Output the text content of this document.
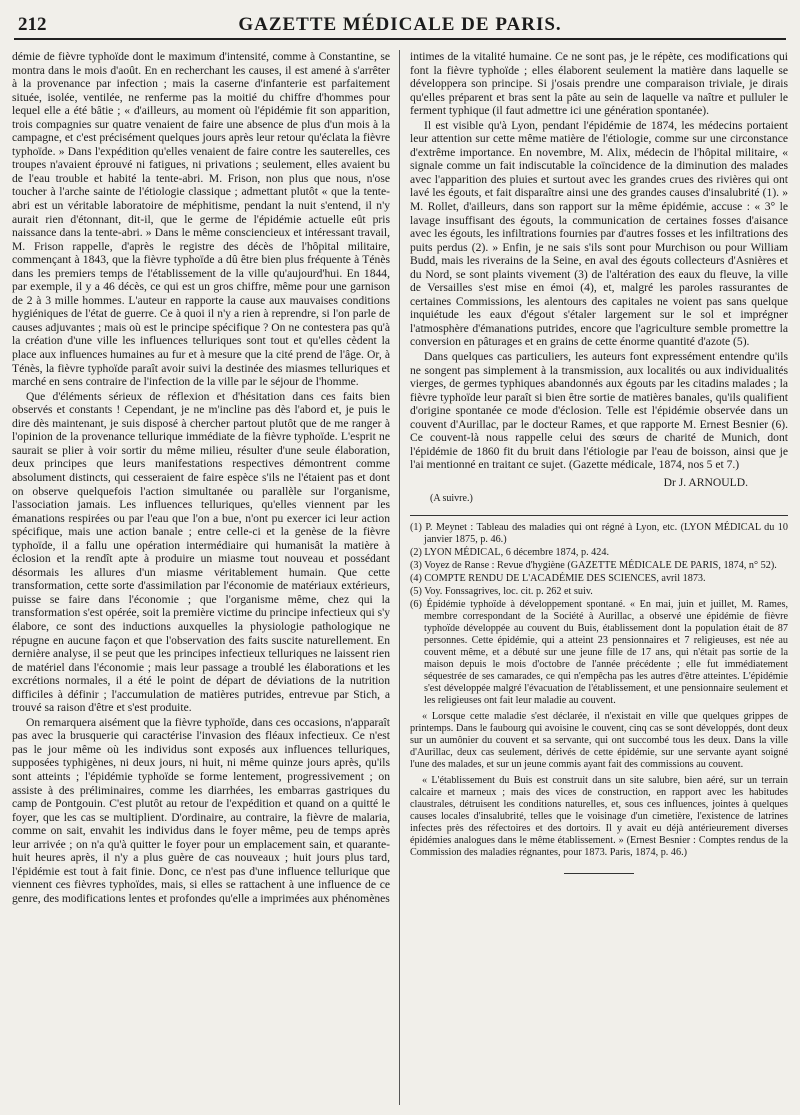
212	GAZETTE MÉDICALE DE PARIS.

démie de fièvre typhoïde dont le maximum d'intensité, comme à Constantine, se montra dans le mois d'août. En en recherchant les causes, il est amené à s'arrêter à la provenance par infection ; mais la caserne d'infanterie est parfaitement située, isolée, ventilée, ne renferme pas la moitié du chiffre d'hommes pour lequel elle a été bâtie ; « d'ailleurs, au moment où l'épidémie fit son apparition, trois compagnies sur quatre venaient de faire une absence de plus d'un mois à la campagne, et c'est précisément quelques jours après leur retour qu'éclata la fièvre typhoïde. » Dans l'expédition qu'elles venaient de faire contre les sauterelles, ces troupes n'avaient éprouvé ni fatigues, ni privations ; seulement, elles avaient bu de l'eau trouble et habité la tente-abri. M. Frison, non plus que nous, n'ose toucher à l'arche sainte de l'étiologie classique ; admettant plutôt « que la tente-abri est un véritable laboratoire de méphitisme, pendant la nuit s'entend, il n'y aurait rien d'étonnant, dit-il, que le germe de l'épidémie actuelle eût pris naissance dans la tente-abri. » Dans le même consciencieux et intéressant travail, M. Frison rappelle, d'après le registre des décès de l'hôpital militaire, commençant à 1843, que la fièvre typhoïde a dû être bien plus fréquente à Ténès dans les premiers temps de l'établissement de la ville qu'aujourd'hui. En 1844, par exemple, il y a 46 décès, ce qui est un gros chiffre, même pour une garnison de 2 à 3 mille hommes. L'auteur en rapporte la cause aux mauvaises conditions hygiéniques de l'état de guerre. Ce à quoi il n'y a rien à reprendre, si l'on parle de causes adjuvantes ; mais où est le principe spécifique ? On ne contestera pas qu'à la création d'une ville les influences telluriques sont tout et qu'elles cèdent la place aux influences humaines au fur et à mesure que la cité prend de l'âge. Or, à Ténès, la fièvre typhoïde paraît avoir suivi la destinée des miasmes telluriques et marché en sens contraire de l'infection de la ville par le séjour de l'homme.

Que d'éléments sérieux de réflexion et d'hésitation dans ces faits bien observés et constants ! Cependant, je ne m'incline pas dès l'abord et, je puis le dire dès maintenant, je suis disposé à chercher partout plutôt que de me ranger à l'opinion de la provenance tellurique immédiate de la fièvre typhoïde. L'esprit ne saurait se plier à voir sortir du même milieu, résulter d'une seule élaboration, deux principes que leurs manifestations respectives démontrent comme absolument distincts, qui cesseraient de faire espèce s'ils ne l'étaient pas et dont on observe quelquefois l'action simultanée ou parallèle sur l'organisme, l'association jamais. Les influences telluriques, qu'elles viennent par les émanations respirées ou par l'eau que l'on a bue, n'ont pu exercer ici leur action spécifique, mais une action banale ; entre celle-ci et la genèse de la fièvre typhoïde, il a fallu une opération intermédiaire qui humanisât la matière à éclosion et la rendît apte à produire un miasme tout nouveau et possédant désormais les allures d'un miasme véritablement humain. Que cette transformation, cette sorte d'assimilation par l'économie de matériaux extérieurs, puisse se faire dans l'économie ; que l'organisme même, chez qui la transformation s'est opérée, soit la première victime du principe infectieux qui s'y élabore, ce sont des inductions auxquelles la physiologie pathologique ne répugne en aucune façon et que l'observation des faits suscite naturellement. En dernière analyse, il se peut que les principes infectieux telluriques ne laissent rien de matériel dans l'économie ; mais leur passage a troublé les élaborations et les excrétions normales, il a été le point de départ de déviations de la nutrition difficiles à définir ; l'accumulation de matières putrides, entrevue par Stich, a trouvé sa raison d'être et s'est produite.

On remarquera aisément que la fièvre typhoïde, dans ces occasions, n'apparaît pas avec la brusquerie qui caractérise l'invasion des fléaux infectieux. Ce n'est pas le jour même où les individus sont exposés aux influences telluriques, supposées typhigènes, ni deux jours, ni huit, ni même quinze jours après, qu'ils sont atteints ; l'épidémie typhoïde se forme lentement, progressivement ; on assiste à des préliminaires, comme les diarrhées, les embarras gastriques du camp de Pontgouin. C'est plutôt au retour de l'expédition et quand on a quitté le foyer, que les cas se multiplient. D'ordinaire, au contraire, la fièvre de malaria, comme on sait, envahit les individus dans le foyer même, peu de temps après leur arrivée ; on n'a qu'à quitter le foyer pour un emplacement sain, et quarante-huit heures après, il n'y a plus guère de cas nouveaux ; huit jours plus tard, l'épidémie est tout à fait finie. Donc, ce n'est pas d'une influence tellurique que viennent ces fièvres typhoïdes, mais, si elles se rattachent à une influence de ce genre, des modifications lentes et profondes qu'elle a imprimées aux phénomènes

intimes de la vitalité humaine. Ce ne sont pas, je le répète, ces modifications qui font la fièvre typhoïde ; elles élaborent seulement la matière dans laquelle se développera son principe. Si j'osais prendre une comparaison triviale, je dirais qu'elles préparent et bras sent la pâte au sein de laquelle va naître et pulluler le ferment typhique (il faut admettre ici une génération spontanée).

Il est visible qu'à Lyon, pendant l'épidémie de 1874, les médecins portaient leur attention sur cette même matière de l'étiologie, comme sur une circonstance d'extrême importance. En novembre, M. Alix, médecin de l'hôpital militaire, « signale comme un fait indiscutable la coïncidence de la diminution des malades avec l'apparition des pluies et surtout avec les grandes crues des rivières qui ont lavé les égouts, et fait disparaître ainsi une des grandes causes d'insalubrité (1). » M. Rollet, d'ailleurs, dans son rapport sur la même épidémie, accuse : « 3° le lavage insuffisant des égouts, la communication de certaines fosses d'aisance avec les égouts, les infiltrations fournies par d'autres fosses et les infiltrations des puits perdus (2). » Enfin, je ne sais s'ils sont pour Murchison ou pour William Budd, mais les riverains de la Seine, en aval des égouts collecteurs d'Asnières et du Nord, se sont plaints vivement (3) de l'altération des eaux du fleuve, la ville de Versailles s'est mise en émoi (4), et, malgré les paroles rassurantes de certaines Commissions, les alentours des capitales ne voient pas sans quelque inquiétude les eaux d'égout s'étaler largement sur le sol et imprégner l'atmosphère d'émanations putrides, encore que l'agriculture semble promettre la conversion en pâturages et en grains de cette énorme quantité d'azote (5).

Dans quelques cas particuliers, les auteurs font expressément entendre qu'ils ne songent pas simplement à la transmission, aux localités ou aux individualités vierges, de germes typhiques abandonnés aux égouts par les citadins malades ; la fièvre typhoïde leur paraît si bien être sortie de matières banales, qu'ils qualifient d'origine spontanée ce mode d'éclosion. Telle est l'épidémie observée dans un couvent d'Aurillac, par le docteur Rames, et que rapporte M. Ernest Besnier (6). Ce couvent-là nous rappelle celui des sœurs de charité de Munich, dont l'épidémie de 1860 fit du bruit dans l'étiologie par l'eau de boisson, ainsi que je l'ai mentionné en traitant ce sujet. (Gazette médicale, 1874, nos 5 et 7.)

Dr J. ARNOULD.
(A suivre.)

(1) P. Meynet : Tableau des maladies qui ont régné à Lyon, etc. (LYON MÉDICAL du 10 janvier 1875, p. 46.)

(2) LYON MÉDICAL, 6 décembre 1874, p. 424.

(3) Voyez de Ranse : Revue d'hygiène (GAZETTE MÉDICALE DE PARIS, 1874, n° 52).

(4) COMPTE RENDU DE L'ACADÉMIE DES SCIENCES, avril 1873.

(5) Voy. Fonssagrives, loc. cit. p. 262 et suiv.

(6) Épidémie typhoïde à développement spontané. « En mai, juin et juillet, M. Rames, membre correspondant de la Société à Aurillac, a observé une épidémie de fièvre typhoïde développée au couvent du Buis, établissement dont la population était de 87 personnes. Cette épidémie, qui a atteint 23 pensionnaires et 7 religieuses, est née au couvent même, et a débuté sur une jeune fille de 17 ans, qui n'était pas sortie de la maison depuis le mois d'octobre de l'année précédente ; elle fut immédiatement séquestrée de ses camarades, ce qui n'empêcha pas les autres d'être atteintes. L'épidémie s'est développée malgré l'évacuation de l'établissement, et une pensionnaire seulement et les religieuses ont fait leur maladie au couvent.

« Lorsque cette maladie s'est déclarée, il n'existait en ville que quelques grippes de printemps. Dans le faubourg qui avoisine le couvent, cinq cas se sont développés, dont deux sur un aumônier du couvent et sa servante, qui ont succombé tous les deux. Dans la ville d'Aurillac, deux cas seulement, dérivés de cette épidémie, sur une servante ayant soigné l'une des malades, et sur un jeune commis ayant fait des commissions au couvent.

« L'établissement du Buis est construit dans un site salubre, bien aéré, sur un terrain calcaire et marneux ; mais des vices de construction, en rapport avec les habitudes claustrales, détruisent les conditions naturelles, et, sous ces influences, jointes à quelques causes locales d'insalubrité, telles que le voisinage d'un cimetière, l'existence de latrines infectes près des réfectoires et des dortoirs. Il y avait eu déjà antérieurement diverses épidémies analogues dans le même établissement. » (Ernest Besnier : Comptes rendus de la Commission des maladies régnantes, pour 1873. Paris, 1874, p. 46.)
